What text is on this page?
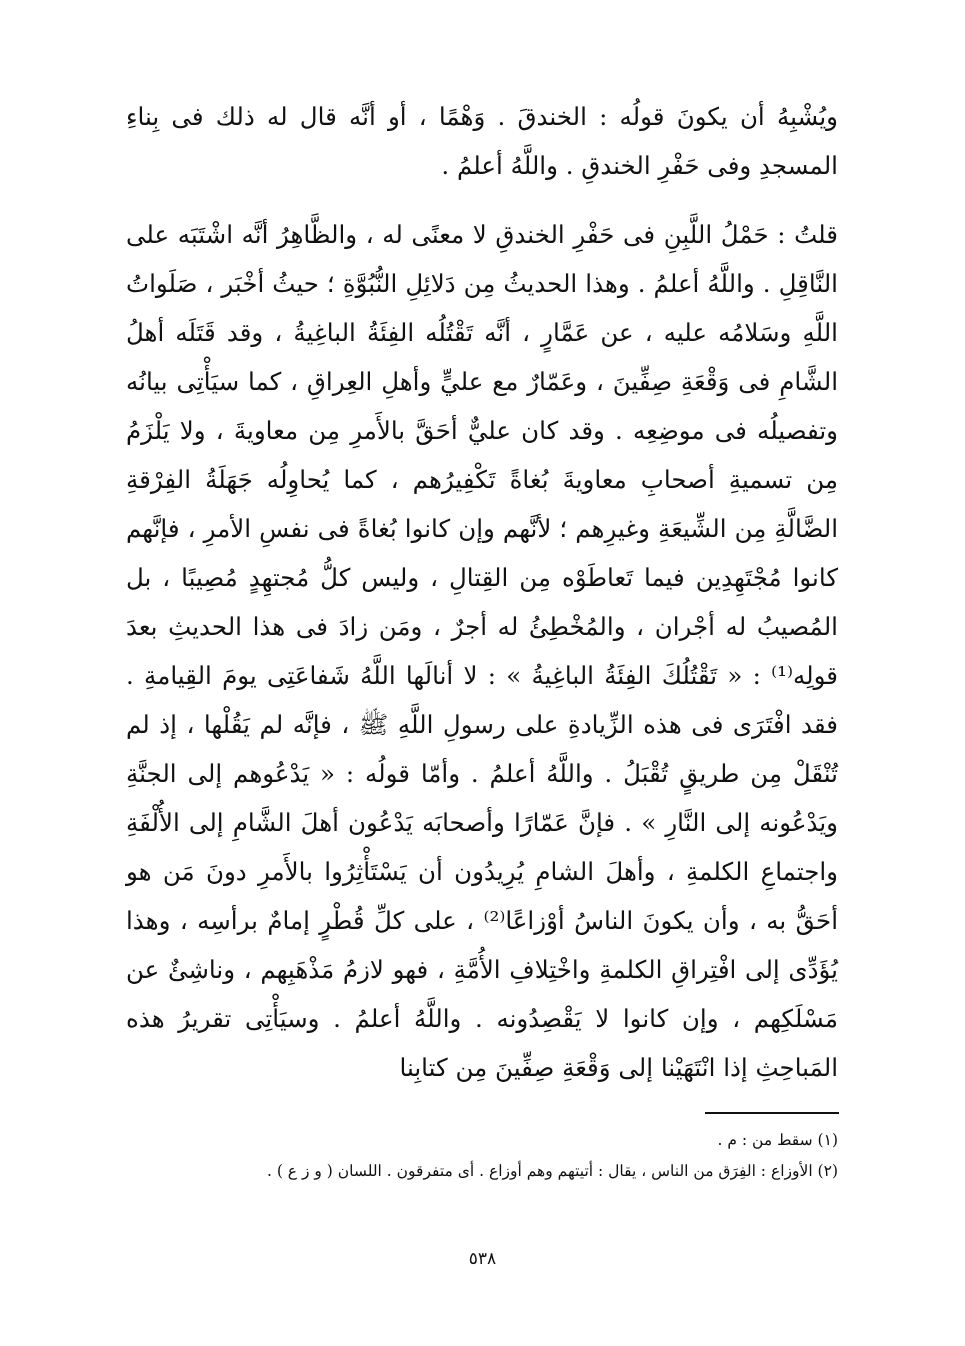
ويُشْبِهُ أن يكونَ قولُه : الخندقَ . وَهْمًا ، أو أنَّه قال له ذلك فى بِناءِ المسجدِ وفى حَفْرِ الخندقِ . واللَّهُ أعلمُ .

قلتُ : حَمْلُ اللَّبِنِ فى حَفْرِ الخندقِ لا معنًى له ، والظَّاهِرُ أنَّه اشْتَبَه على النَّاقِلِ . واللَّهُ أعلمُ . وهذا الحديثُ مِن دَلائِلِ النُّبُوَّةِ ؛ حيثُ أخْبَر ، صَلَواتُ اللَّهِ وسَلامُه عليه ، عن عَمَّارٍ ، أنَّه تَقْتُلُه الفِئَةُ الباغِيةُ ، وقد قَتَلَه أهلُ الشَّامِ فى وَقْعَةِ صِفِّينَ ، وعَمّارٌ مع عليٍّ وأهلِ العِراقِ ، كما سيَأْتِى بيانُه وتفصيلُه فى موضِعِه . وقد كان عليٌّ أحَقَّ بالأَمرِ مِن معاويةَ ، ولا يَلْزَمُ مِن تسميةِ أصحابِ معاويةَ بُغاةً تَكْفِيرُهم ، كما يُحاوِلُه جَهَلَةُ الفِرْقةِ الضَّالَّةِ مِن الشِّيعَةِ وغيرِهم ؛ لأنَّهم وإن كانوا بُغاةً فى نفسِ الأمرِ ، فإنَّهم كانوا مُجْتَهِدِين فيما تَعاطَوْه مِن القِتالِ ، وليس كلُّ مُجتهِدٍ مُصِيبًا ، بل المُصيبُ له أجْران ، والمُخْطِئُ له أجرٌ ، ومَن زادَ فى هذا الحديثِ بعدَ قولِه⁽¹⁾ : « تَقْتُلُكَ الفِئَةُ الباغِيةُ » : لا أنالَها اللَّهُ شَفاعَتِى يومَ القِيامةِ . فقد افْتَرَى فى هذه الزِّيادةِ على رسولِ اللَّهِ ﷺ ، فإنَّه لم يَقُلْها ، إذ لم تُنْقَلْ مِن طريقٍ تُقْبَلُ . واللَّهُ أعلمُ . وأمّا قولُه : « يَدْعُوهم إلى الجنَّةِ ويَدْعُونه إلى النَّارِ » . فإنَّ عَمّارًا وأصحابَه يَدْعُون أهلَ الشَّامِ إلى الأُلْفَةِ واجتماعِ الكلمةِ ، وأهلَ الشامِ يُرِيدُون أن يَسْتَأْثِرُوا بالأَمرِ دونَ مَن هو أحَقُّ به ، وأن يكونَ الناسُ أوْزاعًا⁽²⁾ ، على كلِّ قُطْرٍ إمامٌ برأسِه ، وهذا يُؤَدِّى إلى افْتِراقِ الكلمةِ واخْتِلافِ الأُمَّةِ ، فهو لازمُ مَذْهَبِهم ، وناشِئٌ عن مَسْلَكِهم ، وإن كانوا لا يَقْصِدُونه . واللَّهُ أعلمُ . وسيَأْتِى تقريرُ هذه المَباحِثِ إذا انْتَهَيْنا إلى وَقْعَةِ صِفِّينَ مِن كتابِنا

(١) سقط من : م .

(٢) الأوزاع : الفِرَق من الناس ، يقال : أتيتهم وهم أوزاع . أى متفرقون . اللسان ( و ز ع ) .

٥٣٨
